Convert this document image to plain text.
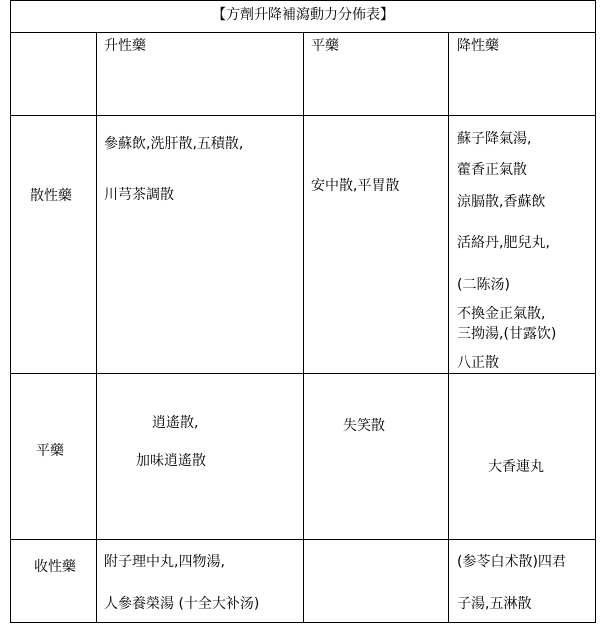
【方劑升降補瀉動力分佈表】
升性藥	平藥	降性藥
散性藥
平藥
收性藥
參蘇飲,洗肝散,五積散,
川芎茶調散
安中散,平胃散
蘇子降氣湯,
藿香正氣散
涼膈散,香蘇飲
活絡丹,肥兒丸,
(二陈汤)
不換金正氣散,
三拗湯,(甘露饮)
八正散
逍遙散,
加味逍遙散
失笑散
大香連丸
附子理中丸,四物湯,
人參養榮湯 (十全大补汤)
(参苓白术散)四君
子湯,五淋散
